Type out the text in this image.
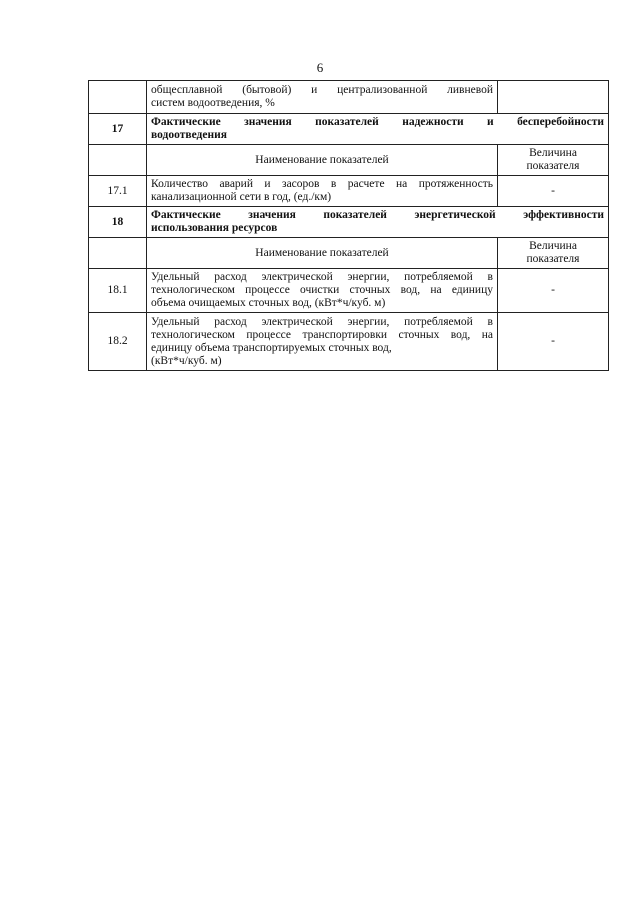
6

	общесплавной (бытовой) и централизованной ливневой
систем водоотведения, %	

17	Фактические значения показателей надежности и бесперебойности
водоотведения	

	Наименование показателей	Величина
показателя

17.1	Количество аварий и засоров в расчете на протяженность
канализационной сети в год, (ед./км)	-
18	Фактические значения показателей энергетической эффективности
использования ресурсов	

	Наименование показателей	Величина
показателя

18.1	Удельный расход электрической энергии, потребляемой в
технологическом процессе очистки сточных вод, на единицу
объема очищаемых сточных вод, (кВт*ч/куб. м)	-
18.2	Удельный расход электрической энергии, потребляемой в
технологическом процессе транспортировки сточных вод, на
единицу объема транспортируемых сточных вод,
(кВт*ч/куб. м)	-
